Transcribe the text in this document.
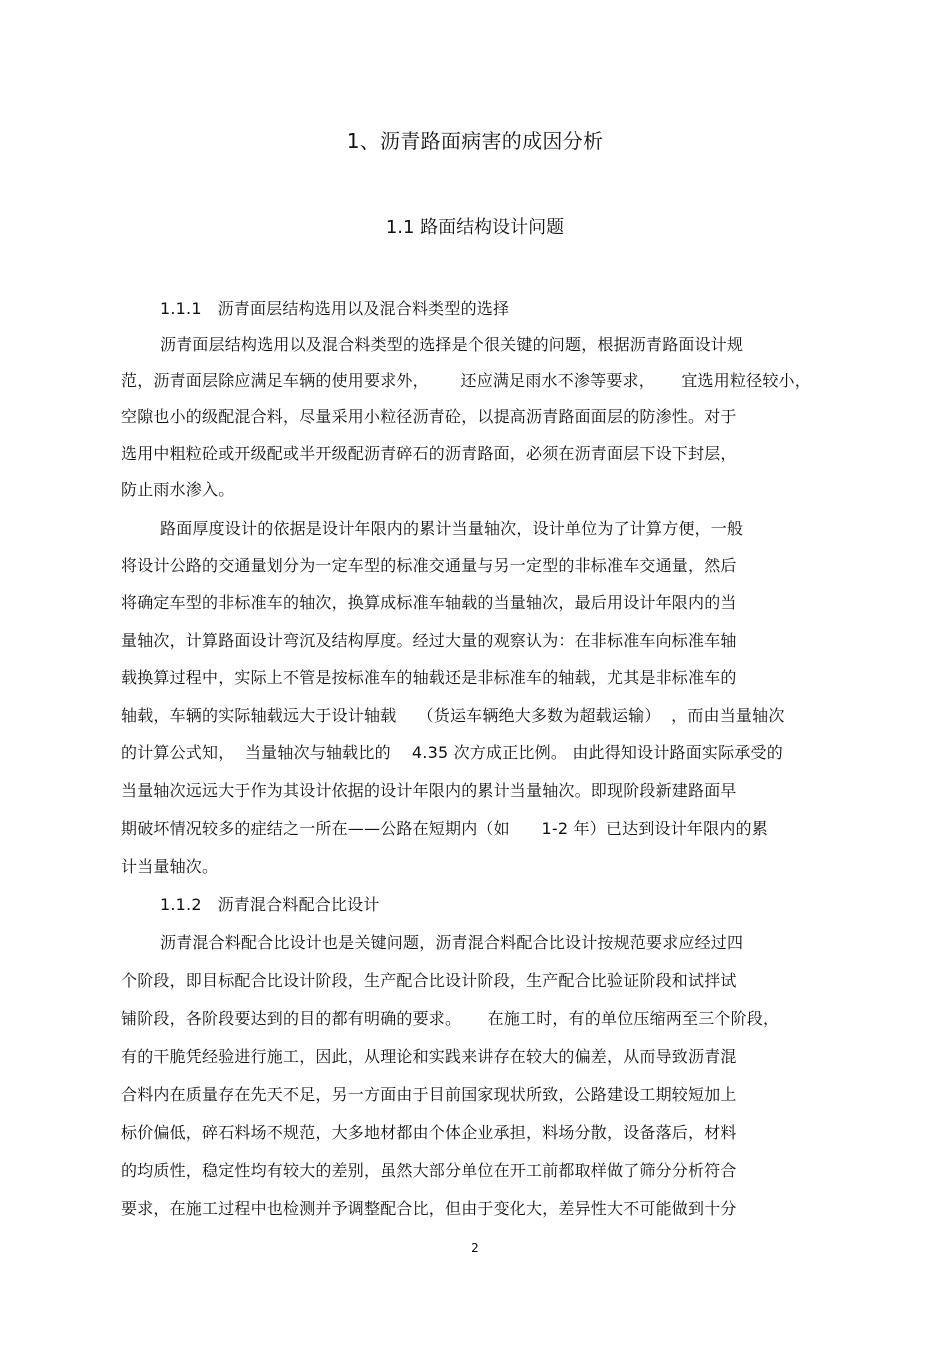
1、沥青路面病害的成因分析
1.1 路面结构设计问题
1.1.1   沥青面层结构选用以及混合料类型的选择
沥青面层结构选用以及混合料类型的选择是个很关键的问题，根据沥青路面设计规
范，沥青面层除应满足车辆的使用要求外，      还应满足雨水不渗等要求，     宜选用粒径较小，
空隙也小的级配混合料，尽量采用小粒径沥青砼，以提高沥青路面面层的防渗性。对于
选用中粗粒砼或开级配或半开级配沥青碎石的沥青路面，必须在沥青面层下设下封层，
防止雨水渗入。
路面厚度设计的依据是设计年限内的累计当量轴次，设计单位为了计算方便，一般
将设计公路的交通量划分为一定车型的标准交通量与另一定型的非标准车交通量，然后
将确定车型的非标准车的轴次，换算成标准车轴载的当量轴次，最后用设计年限内的当
量轴次，计算路面设计弯沉及结构厚度。经过大量的观察认为：在非标准车向标准车轴
载换算过程中，实际上不管是按标准车的轴载还是非标准车的轴载，尤其是非标准车的
轴载，车辆的实际轴载远大于设计轴载    （货运车辆绝大多数为超载运输）  ，而由当量轴次
的计算公式知，  当量轴次与轴载比的    4.35 次方成正比例。 由此得知设计路面实际承受的
当量轴次远远大于作为其设计依据的设计年限内的累计当量轴次。即现阶段新建路面早
期破坏情况较多的症结之一所在——公路在短期内（如      1-2 年）已达到设计年限内的累
计当量轴次。
1.1.2   沥青混合料配合比设计
沥青混合料配合比设计也是关键问题，沥青混合料配合比设计按规范要求应经过四
个阶段，即目标配合比设计阶段，生产配合比设计阶段，生产配合比验证阶段和试拌试
铺阶段，各阶段要达到的目的都有明确的要求。     在施工时，有的单位压缩两至三个阶段，
有的干脆凭经验进行施工，因此，从理论和实践来讲存在较大的偏差，从而导致沥青混
合料内在质量存在先天不足，另一方面由于目前国家现状所致，公路建设工期较短加上
标价偏低，碎石料场不规范，大多地材都由个体企业承担，料场分散，设备落后，材料
的均质性，稳定性均有较大的差别，虽然大部分单位在开工前都取样做了筛分分析符合
要求，在施工过程中也检测并予调整配合比，但由于变化大，差异性大不可能做到十分
2
